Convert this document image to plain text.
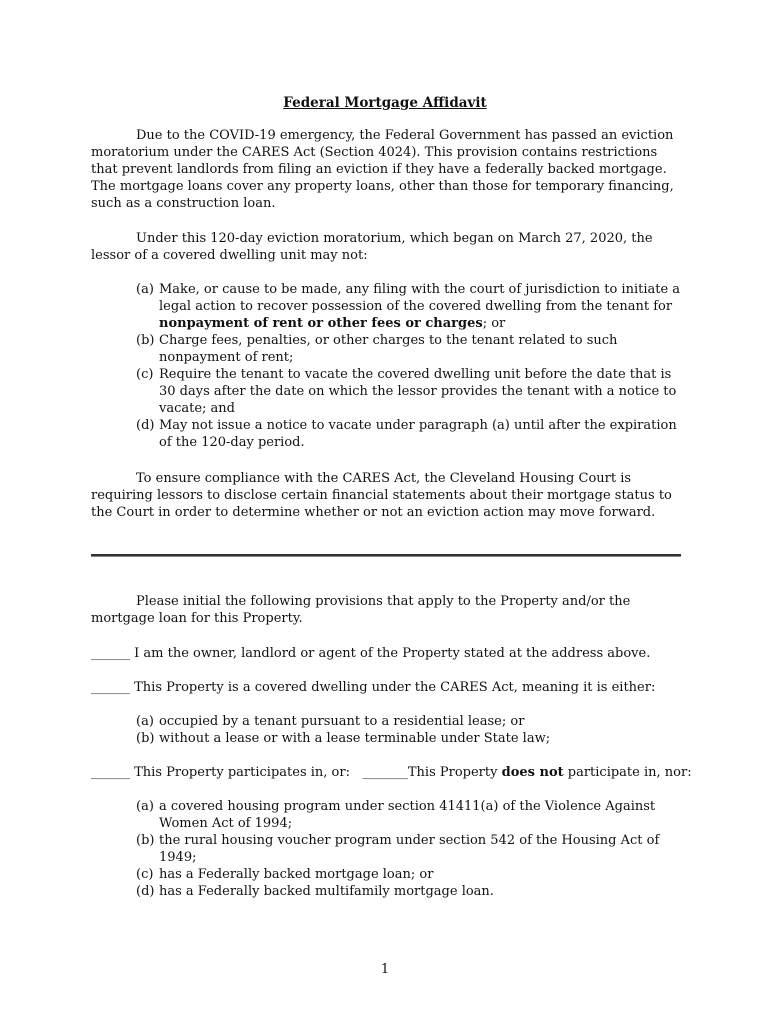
Federal Mortgage Affidavit

Due to the COVID-19 emergency, the Federal Government has passed an eviction moratorium under the CARES Act (Section 4024). This provision contains restrictions that prevent landlords from filing an eviction if they have a federally backed mortgage. The mortgage loans cover any property loans, other than those for temporary financing, such as a construction loan.

Under this 120-day eviction moratorium, which began on March 27, 2020, the lessor of a covered dwelling unit may not:

(a) Make, or cause to be made, any filing with the court of jurisdiction to initiate a legal action to recover possession of the covered dwelling from the tenant for nonpayment of rent or other fees or charges; or
(b) Charge fees, penalties, or other charges to the tenant related to such nonpayment of rent;
(c) Require the tenant to vacate the covered dwelling unit before the date that is 30 days after the date on which the lessor provides the tenant with a notice to vacate; and
(d) May not issue a notice to vacate under paragraph (a) until after the expiration of the 120-day period.

To ensure compliance with the CARES Act, the Cleveland Housing Court is requiring lessors to disclose certain financial statements about their mortgage status to the Court in order to determine whether or not an eviction action may move forward.

Please initial the following provisions that apply to the Property and/or the mortgage loan for this Property.

______ I am the owner, landlord or agent of the Property stated at the address above.
______ This Property is a covered dwelling under the CARES Act, meaning it is either:
(a) occupied by a tenant pursuant to a residential lease; or
(b) without a lease or with a lease terminable under State law;
______ This Property participates in, or:   _______This Property does not participate in, nor:
(a) a covered housing program under section 41411(a) of the Violence Against Women Act of 1994;
(b) the rural housing voucher program under section 542 of the Housing Act of 1949;
(c) has a Federally backed mortgage loan; or
(d) has a Federally backed multifamily mortgage loan.
1
